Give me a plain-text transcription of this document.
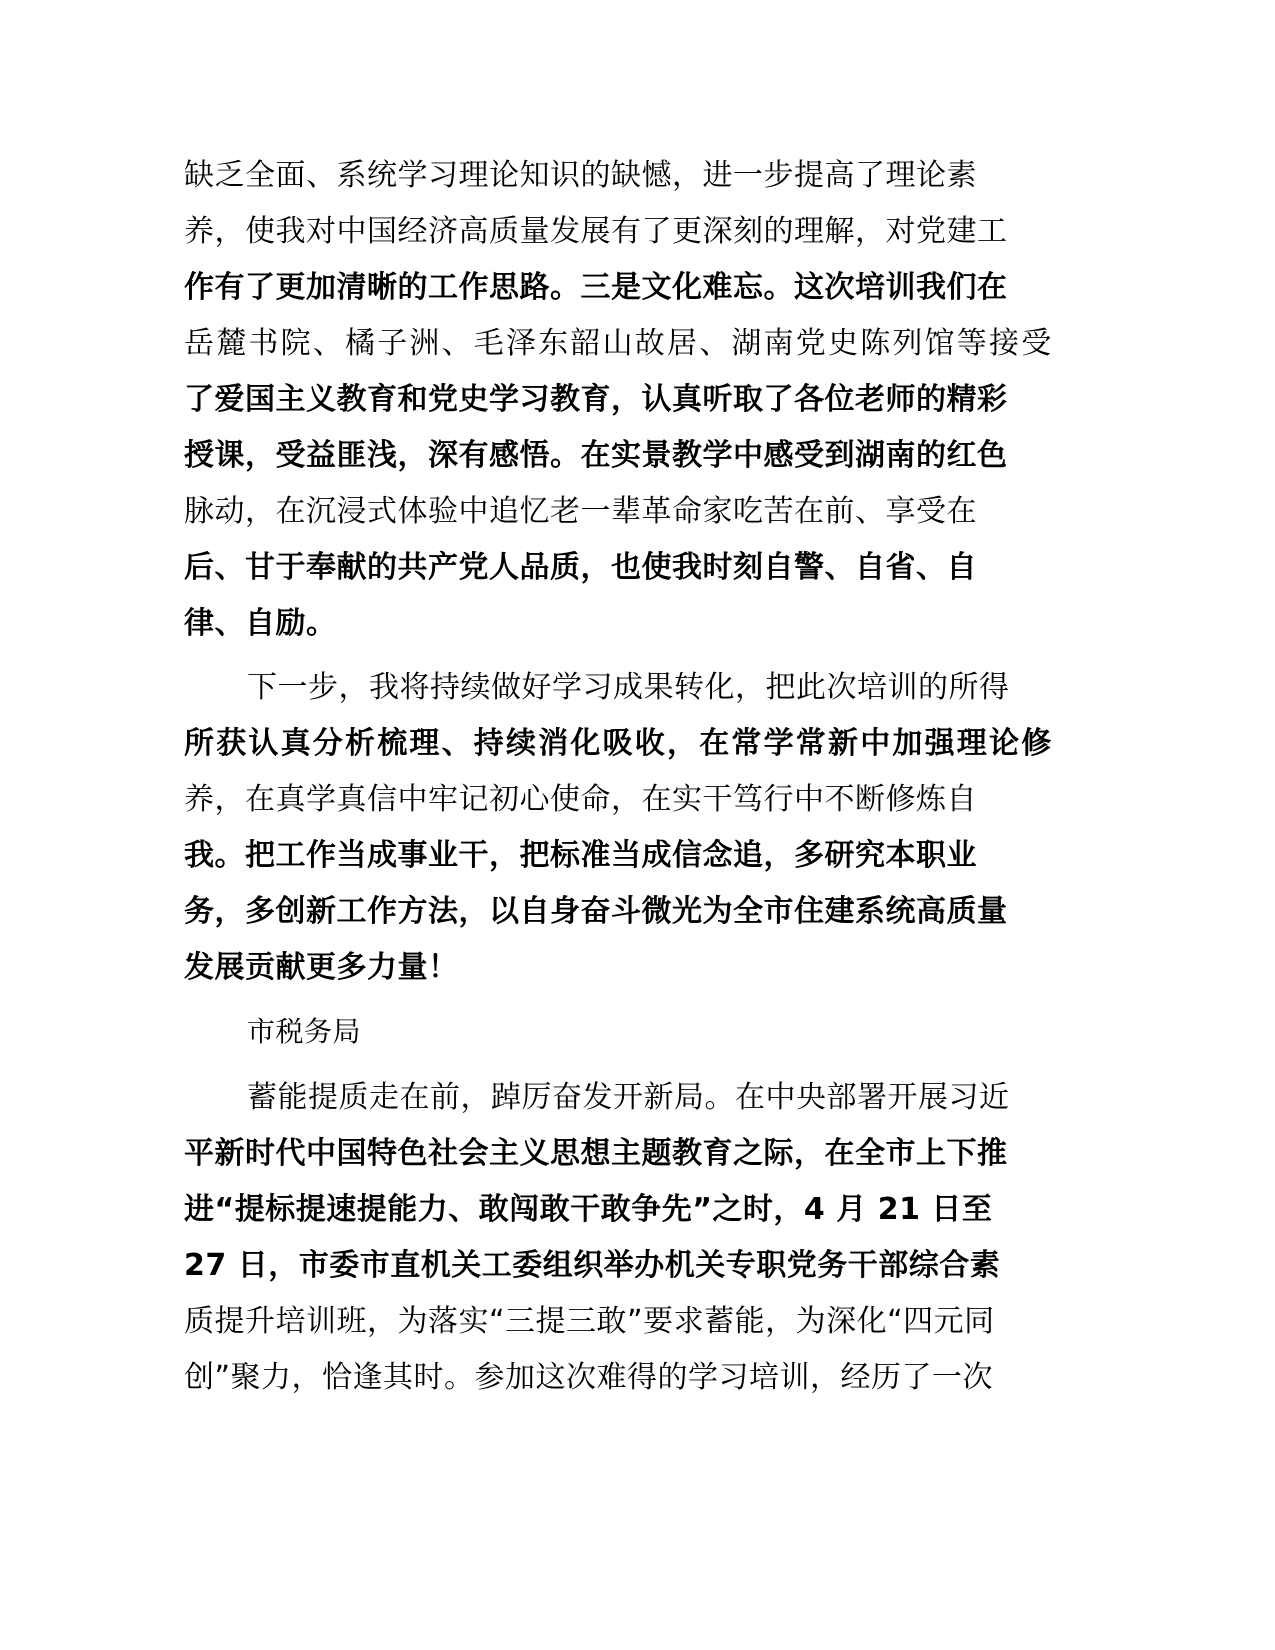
缺乏全面、系统学习理论知识的缺憾，进一步提高了理论素
养，使我对中国经济高质量发展有了更深刻的理解，对党建工
作有了更加清晰的工作思路。三是文化难忘。这次培训我们在
岳麓书院、橘子洲、毛泽东韶山故居、湖南党史陈列馆等接受
了爱国主义教育和党史学习教育，认真听取了各位老师的精彩
授课，受益匪浅，深有感悟。在实景教学中感受到湖南的红色
脉动，在沉浸式体验中追忆老一辈革命家吃苦在前、享受在
后、甘于奉献的共产党人品质，也使我时刻自警、自省、自
律、自励。
下一步，我将持续做好学习成果转化，把此次培训的所得
所获认真分析梳理、持续消化吸收，在常学常新中加强理论修
养，在真学真信中牢记初心使命，在实干笃行中不断修炼自
我。把工作当成事业干，把标准当成信念追，多研究本职业
务，多创新工作方法，以自身奋斗微光为全市住建系统高质量
发展贡献更多力量！
市税务局
蓄能提质走在前，踔厉奋发开新局。在中央部署开展习近
平新时代中国特色社会主义思想主题教育之际，在全市上下推
进“提标提速提能力、敢闯敢干敢争先”之时，4 月 21 日至
27 日，市委市直机关工委组织举办机关专职党务干部综合素
质提升培训班，为落实“三提三敢”要求蓄能，为深化“四元同
创”聚力，恰逢其时。参加这次难得的学习培训，经历了一次
